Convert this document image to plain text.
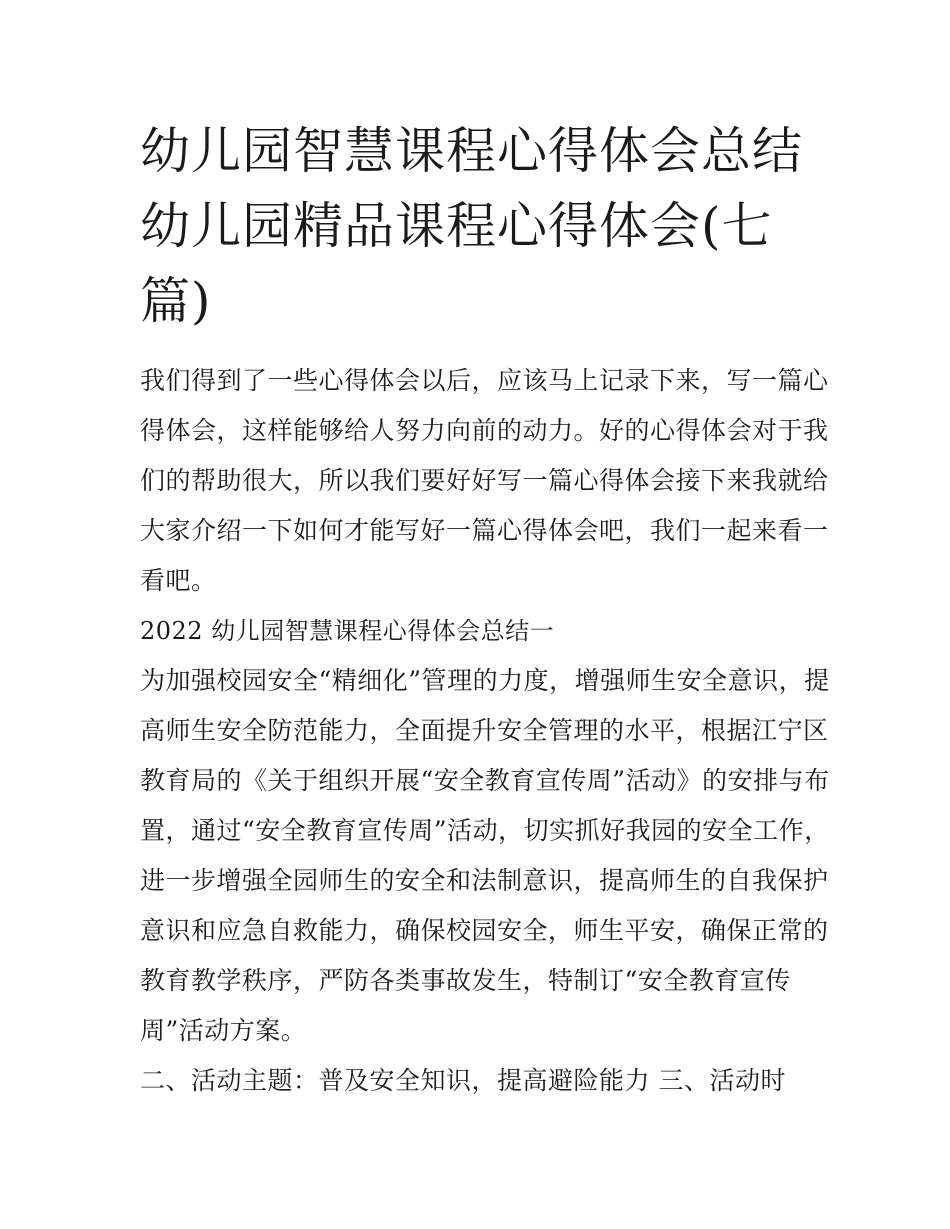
幼儿园智慧课程心得体会总结
幼儿园精品课程心得体会(七
篇)
我们得到了一些心得体会以后，应该马上记录下来，写一篇心
得体会，这样能够给人努力向前的动力。好的心得体会对于我
们的帮助很大，所以我们要好好写一篇心得体会接下来我就给
大家介绍一下如何才能写好一篇心得体会吧，我们一起来看一
看吧。
2022 幼儿园智慧课程心得体会总结一
为加强校园安全“精细化”管理的力度，增强师生安全意识，提
高师生安全防范能力，全面提升安全管理的水平，根据江宁区
教育局的《关于组织开展“安全教育宣传周”活动》的安排与布
置，通过“安全教育宣传周”活动，切实抓好我园的安全工作，
进一步增强全园师生的安全和法制意识，提高师生的自我保护
意识和应急自救能力，确保校园安全，师生平安，确保正常的
教育教学秩序，严防各类事故发生，特制订“安全教育宣传
周”活动方案。
二、活动主题：普及安全知识，提高避险能力 三、活动时
